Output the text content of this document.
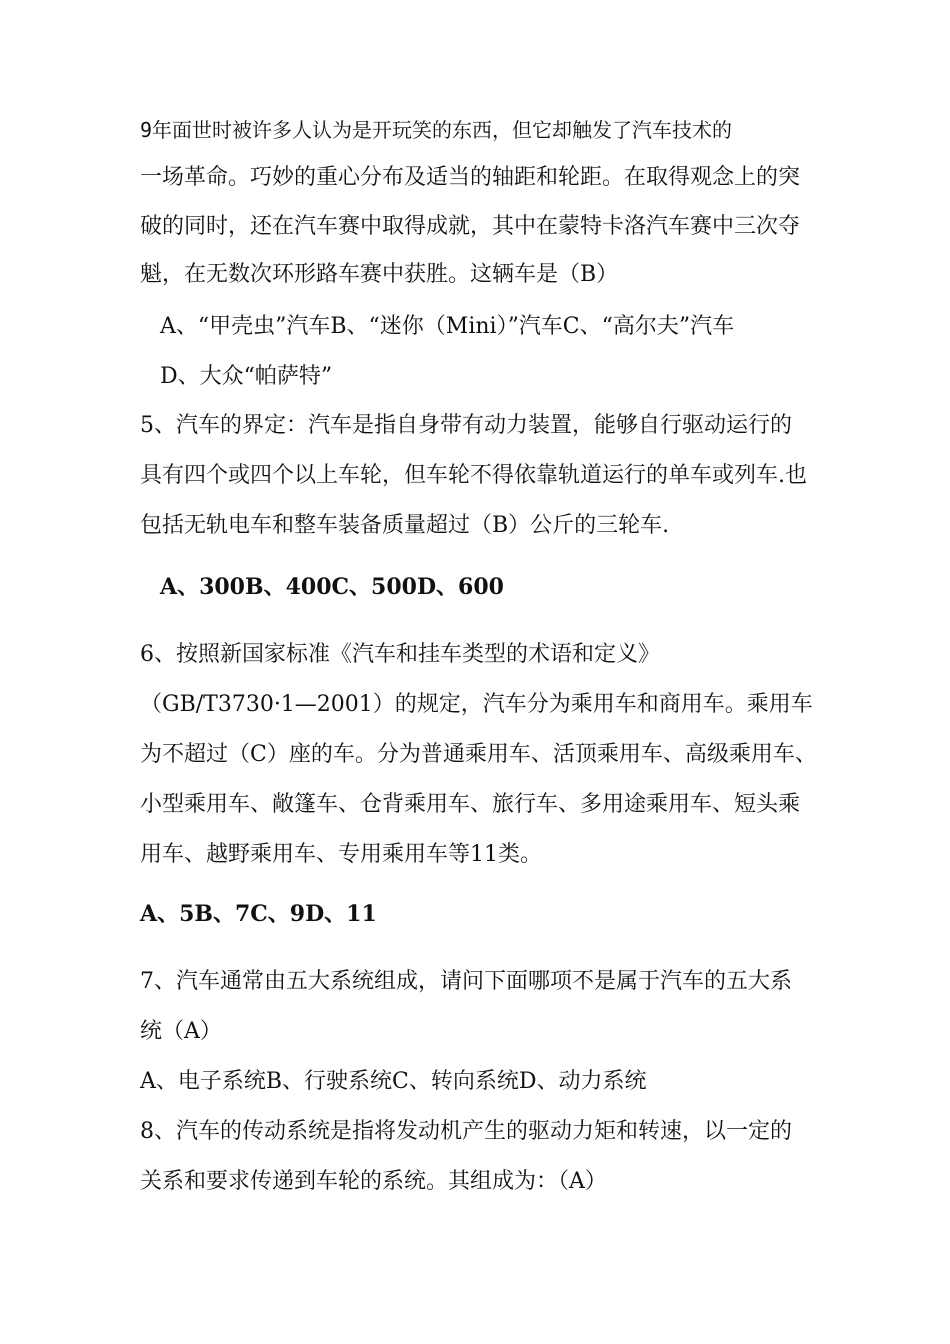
9年面世时被许多人认为是开玩笑的东西，但它却触发了汽车技术的
一场革命。巧妙的重心分布及适当的轴距和轮距。在取得观念上的突
破的同时，还在汽车赛中取得成就，其中在蒙特卡洛汽车赛中三次夺
魁，在无数次环形路车赛中获胜。这辆车是（B）
A、“甲壳虫”汽车B、“迷你（Mini）”汽车C、“高尔夫”汽车
D、大众“帕萨特”
5、汽车的界定：汽车是指自身带有动力装置，能够自行驱动运行的
具有四个或四个以上车轮，但车轮不得依靠轨道运行的单车或列车.也
包括无轨电车和整车装备质量超过（B）公斤的三轮车.
A、300B、400C、500D、600
6、按照新国家标准《汽车和挂车类型的术语和定义》
（GB/T3730·1—2001）的规定，汽车分为乘用车和商用车。乘用车
为不超过（C）座的车。分为普通乘用车、活顶乘用车、高级乘用车、
小型乘用车、敞篷车、仓背乘用车、旅行车、多用途乘用车、短头乘
用车、越野乘用车、专用乘用车等11类。
A、5B、7C、9D、11
7、汽车通常由五大系统组成，请问下面哪项不是属于汽车的五大系
统（A）
A、电子系统B、行驶系统C、转向系统D、动力系统
8、汽车的传动系统是指将发动机产生的驱动力矩和转速，以一定的
关系和要求传递到车轮的系统。其组成为：（A）
